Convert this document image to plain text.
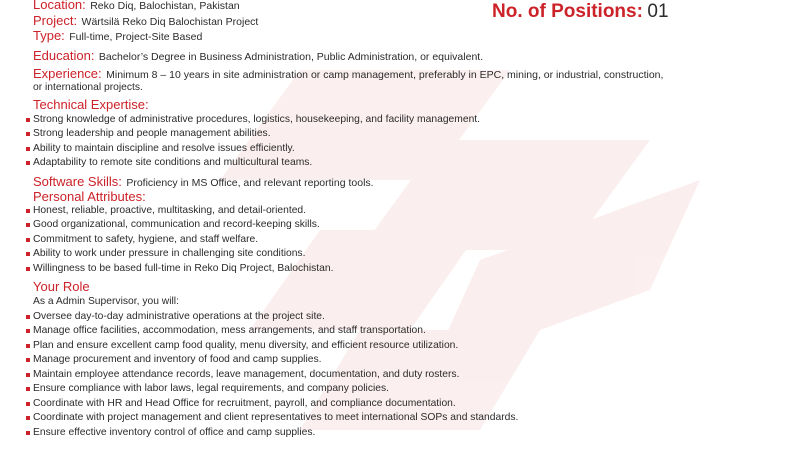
Location: Reko Diq, Balochistan, Pakistan
Project: Wärtsilä Reko Diq Balochistan Project
Type: Full-time, Project-Site Based
No. of Positions: 01
Education: Bachelor’s Degree in Business Administration, Public Administration, or equivalent.
Experience: Minimum 8 – 10 years in site administration or camp management, preferably in EPC, mining, or industrial, construction,
or international projects.
Technical Expertise:
Strong knowledge of administrative procedures, logistics, housekeeping, and facility management.
Strong leadership and people management abilities.
Ability to maintain discipline and resolve issues efficiently.
Adaptability to remote site conditions and multicultural teams.
Software Skills: Proficiency in MS Office, and relevant reporting tools.
Personal Attributes:
Honest, reliable, proactive, multitasking, and detail-oriented.
Good organizational, communication and record-keeping skills.
Commitment to safety, hygiene, and staff welfare.
Ability to work under pressure in challenging site conditions.
Willingness to be based full-time in Reko Diq Project, Balochistan.
Your Role
As a Admin Supervisor, you will:
Oversee day-to-day administrative operations at the project site.
Manage office facilities, accommodation, mess arrangements, and staff transportation.
Plan and ensure excellent camp food quality, menu diversity, and efficient resource utilization.
Manage procurement and inventory of food and camp supplies.
Maintain employee attendance records, leave management, documentation, and duty rosters.
Ensure compliance with labor laws, legal requirements, and company policies.
Coordinate with HR and Head Office for recruitment, payroll, and compliance documentation.
Coordinate with project management and client representatives to meet international SOPs and standards.
Ensure effective inventory control of office and camp supplies.
